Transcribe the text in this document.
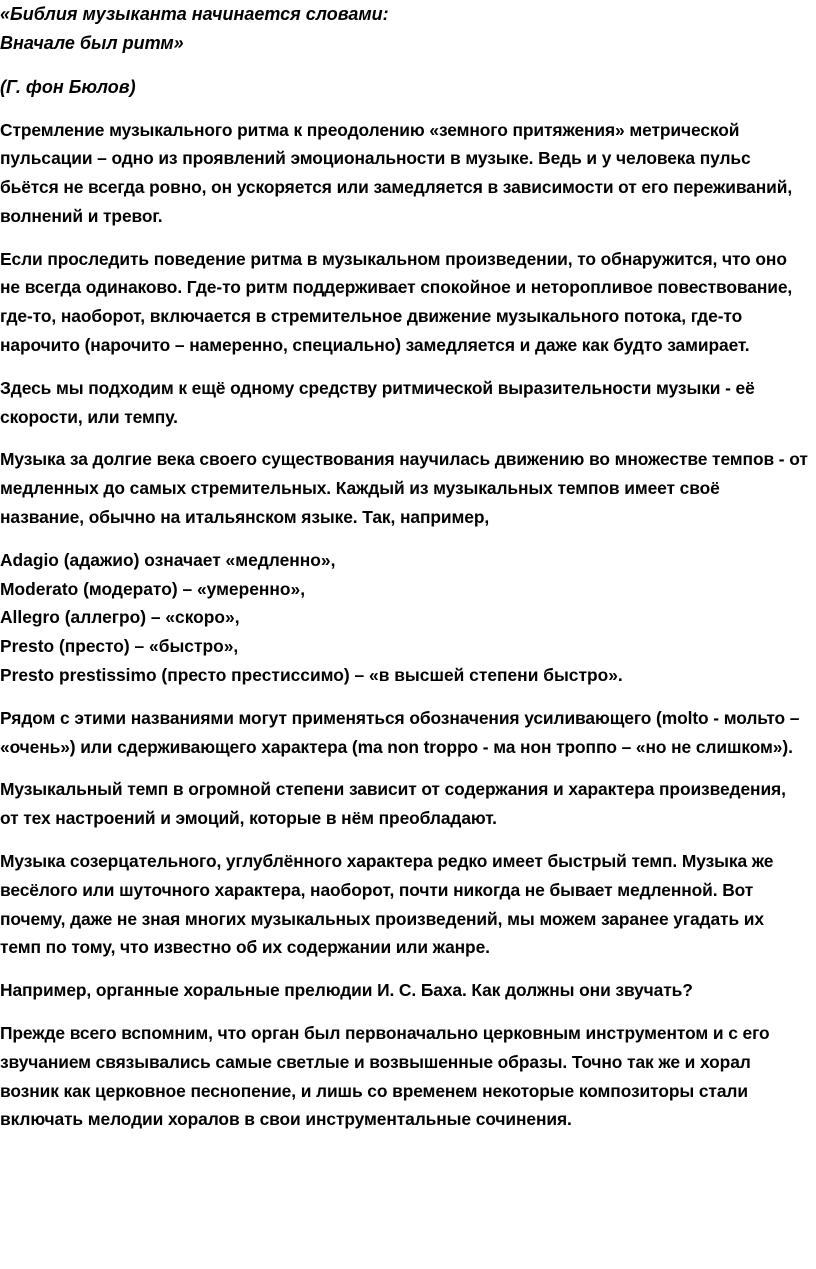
«Библия музыканта начинается словами:

Вначале был ритм»

(Г. фон Бюлов)

Стремление музыкального ритма к преодолению «земного притяжения» метрической пульсации – одно из проявлений эмоциональности в музыке. Ведь и у человека пульс бьётся не всегда ровно, он ускоряется или замедляется в зависимости от его переживаний, волнений и тревог.

Если проследить поведение ритма в музыкальном произведении, то обнаружится, что оно не всегда одинаково. Где-то ритм поддерживает спокойное и неторопливое повествование, где-то, наоборот, включается в стремительное движение музыкального потока, где-то нарочито (нарочито – намеренно, специально) замедляется и даже как будто замирает.

Здесь мы подходим к ещё одному средству ритмической выразительности музыки - её скорости, или темпу.

Музыка за долгие века своего существования научилась движению во множестве темпов - от медленных до самых стремительных. Каждый из музыкальных темпов имеет своё название, обычно на итальянском языке. Так, например,

Adagio (адажио) означает «медленно»,
Moderato (модерато) – «умеренно»,
Allegro (аллегро) – «скоро»,
Presto (престо) – «быстро»,
Presto prestissimo (престо престиссимо) – «в высшей степени быстро».

Рядом с этими названиями могут применяться обозначения усиливающего (molto - мольто – «очень») или сдерживающего характера (ma non troppo - ма нон троппо – «но не слишком»).

Музыкальный темп в огромной степени зависит от содержания и характера произведения, от тех настроений и эмоций, которые в нём преобладают.

Музыка созерцательного, углублённого характера редко имеет быстрый темп. Музыка же весёлого или шуточного характера, наоборот, почти никогда не бывает медленной. Вот почему, даже не зная многих музыкальных произведений, мы можем заранее угадать их темп по тому, что известно об их содержании или жанре.

Например, органные хоральные прелюдии И. С. Баха. Как должны они звучать?

Прежде всего вспомним, что орган был первоначально церковным инструментом и с его звучанием связывались самые светлые и возвышенные образы. Точно так же и хорал возник как церковное песнопение, и лишь со временем некоторые композиторы стали включать мелодии хоралов в свои инструментальные сочинения.
